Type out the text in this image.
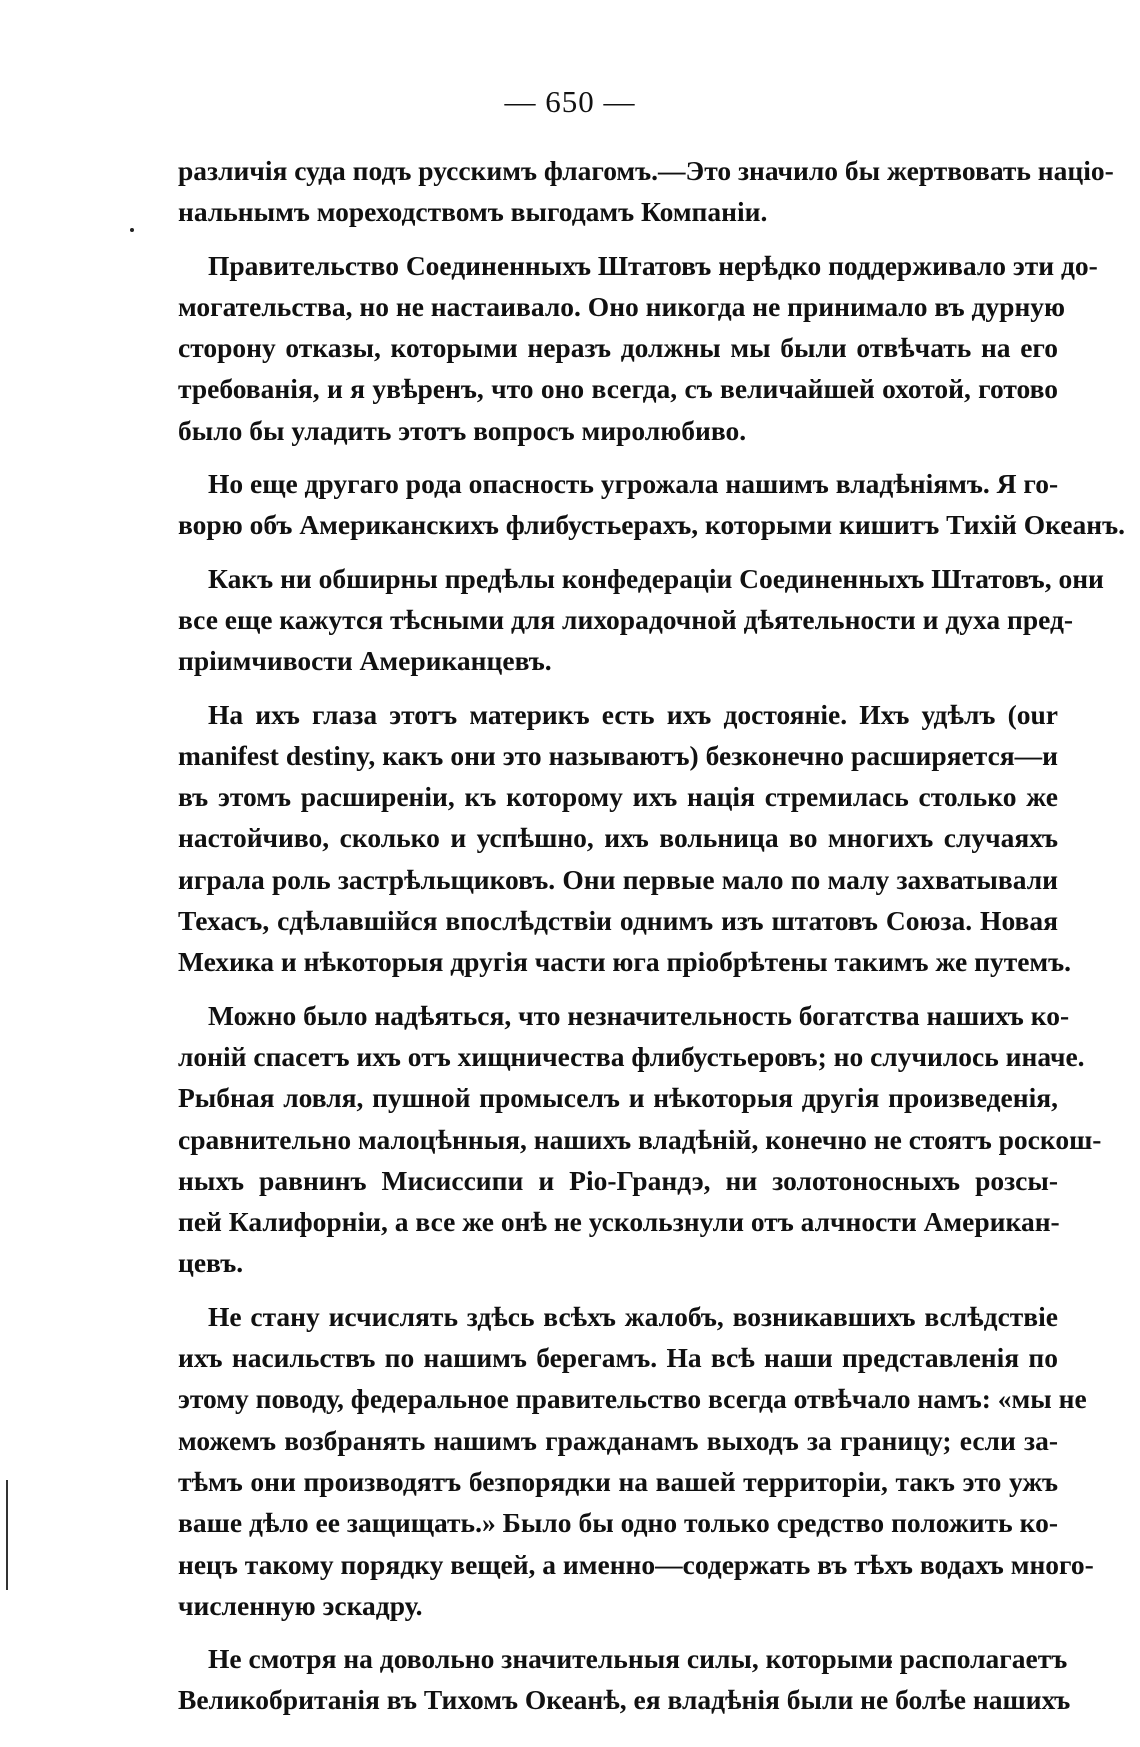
— 650 —

различія суда подъ русскимъ флагомъ.—Это значило бы жертвовать націо-
нальнымъ мореходствомъ выгодамъ Компаніи.

Правительство Соединенныхъ Штатовъ нерѣдко поддерживало эти до-
могательства, но не настаивало. Оно никогда не принимало въ дурную
сторону отказы, которыми неразъ должны мы были отвѣчать на его
требованія, и я увѣренъ, что оно всегда, съ величайшей охотой, готово
было бы уладить этотъ вопросъ миролюбиво.

Но еще другаго рода опасность угрожала нашимъ владѣніямъ. Я го-
ворю объ Американскихъ флибустьерахъ, которыми кишитъ Тихій Океанъ.

Какъ ни обширны предѣлы конфедераціи Соединенныхъ Штатовъ, они
все еще кажутся тѣсными для лихорадочной дѣятельности и духа пред-
пріимчивости Американцевъ.

На ихъ глаза этотъ материкъ есть ихъ достояніе. Ихъ удѣлъ (our
manifest destiny, какъ они это называютъ) безконечно расширяется—и
въ этомъ расширеніи, къ которому ихъ нація стремилась столько же
настойчиво, сколько и успѣшно, ихъ вольница во многихъ случаяхъ
играла роль застрѣльщиковъ. Они первые мало по малу захватывали
Техасъ, сдѣлавшійся впослѣдствіи однимъ изъ штатовъ Союза. Новая
Мехика и нѣкоторыя другія части юга пріобрѣтены такимъ же путемъ.

Можно было надѣяться, что незначительность богатства нашихъ ко-
лоній спасетъ ихъ отъ хищничества флибустьеровъ; но случилось иначе.
Рыбная ловля, пушной промыселъ и нѣкоторыя другія произведенія,
сравнительно малоцѣнныя, нашихъ владѣній, конечно не стоятъ роскош-
ныхъ равнинъ Мисиссипи и Ріо-Грандэ, ни золотоносныхъ розсы-
пей Калифорніи, а все же онѣ не ускользнули отъ алчности Американ-
цевъ.

Не стану исчислять здѣсь всѣхъ жалобъ, возникавшихъ вслѣдствіе
ихъ насильствъ по нашимъ берегамъ. На всѣ наши представленія по
этому поводу, федеральное правительство всегда отвѣчало намъ: «мы не
можемъ возбранять нашимъ гражданамъ выходъ за границу; если за-
тѣмъ они производятъ безпорядки на вашей территоріи, такъ это ужъ
ваше дѣло ее защищать.» Было бы одно только средство положить ко-
нецъ такому порядку вещей, а именно—содержать въ тѣхъ водахъ много-
численную эскадру.

Не смотря на довольно значительныя силы, которыми располагаетъ
Великобританія въ Тихомъ Океанѣ, ея владѣнія были не болѣе нашихъ
